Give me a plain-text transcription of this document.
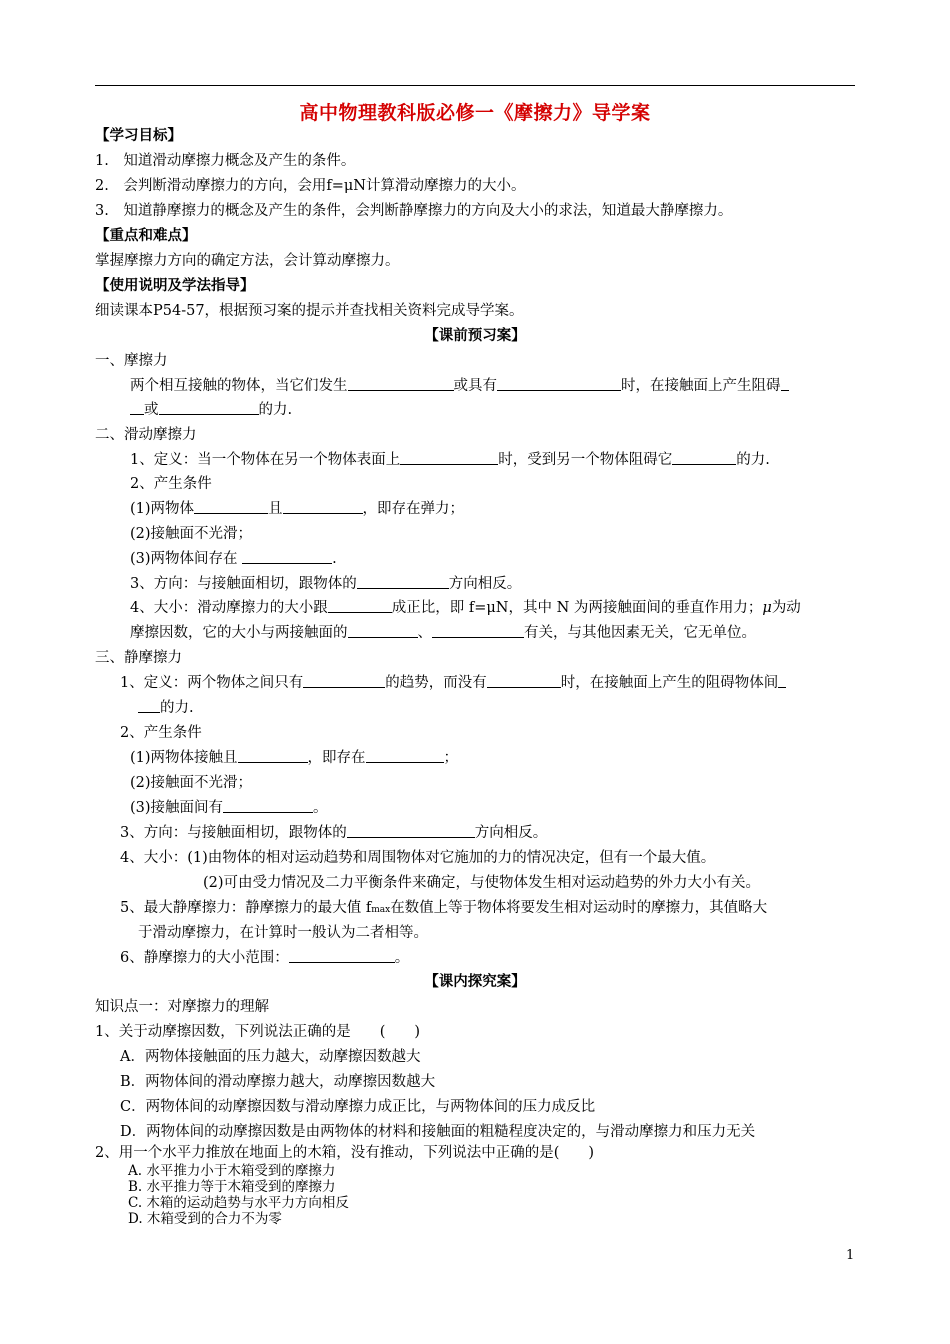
高中物理教科版必修一《摩擦力》导学案
【学习目标】
1.　知道滑动摩擦力概念及产生的条件。
2.　会判断滑动摩擦力的方向，会用f=μN计算滑动摩擦力的大小。
3.　知道静摩擦力的概念及产生的条件，会判断静摩擦力的方向及大小的求法，知道最大静摩擦力。
【重点和难点】
掌握摩擦力方向的确定方法，会计算动摩擦力。
【使用说明及学法指导】
细读课本P54-57，根据预习案的提示并查找相关资料完成导学案。
【课前预习案】
一、摩擦力
两个相互接触的物体，当它们发生	或具有	时，在接触面上产生阻碍
或	的力.
二、滑动摩擦力
1、定义：当一个物体在另一个物体表面上	时，受到另一个物体阻碍它	的力.
2、产生条件
(1)两物体	且	，即存在弹力；
(2)接触面不光滑；
(3)两物体间存在	.
3、方向：与接触面相切，跟物体的	方向相反。
4、大小：滑动摩擦力的大小跟	成正比，即 f=μN，其中 N 为两接触面间的垂直作用力；μ为动
摩擦因数，它的大小与两接触面的	、	有关，与其他因素无关，它无单位。
三、静摩擦力
1、定义：两个物体之间只有	的趋势，而没有	时，在接触面上产生的阻碍物体间
的力.
2、产生条件
(1)两物体接触且	，即存在	；
(2)接触面不光滑；
(3)接触面间有	。
3、方向：与接触面相切，跟物体的	方向相反。
4、大小：(1)由物体的相对运动趋势和周围物体对它施加的力的情况决定，但有一个最大值。
(2)可由受力情况及二力平衡条件来确定，与使物体发生相对运动趋势的外力大小有关。
5、最大静摩擦力：静摩擦力的最大值 fmax在数值上等于物体将要发生相对运动时的摩擦力，其值略大
于滑动摩擦力，在计算时一般认为二者相等。
6、静摩擦力的大小范围：	。
【课内探究案】
知识点一：对摩擦力的理解
1、关于动摩擦因数，下列说法正确的是　　(　　)
A．两物体接触面的压力越大，动摩擦因数越大
B．两物体间的滑动摩擦力越大，动摩擦因数越大
C．两物体间的动摩擦因数与滑动摩擦力成正比，与两物体间的压力成反比
D．两物体间的动摩擦因数是由两物体的材料和接触面的粗糙程度决定的，与滑动摩擦力和压力无关
2、用一个水平力推放在地面上的木箱，没有推动，下列说法中正确的是(　　)
A. 水平推力小于木箱受到的摩擦力
B. 水平推力等于木箱受到的摩擦力
C. 木箱的运动趋势与水平力方向相反
D. 木箱受到的合力不为零
1
